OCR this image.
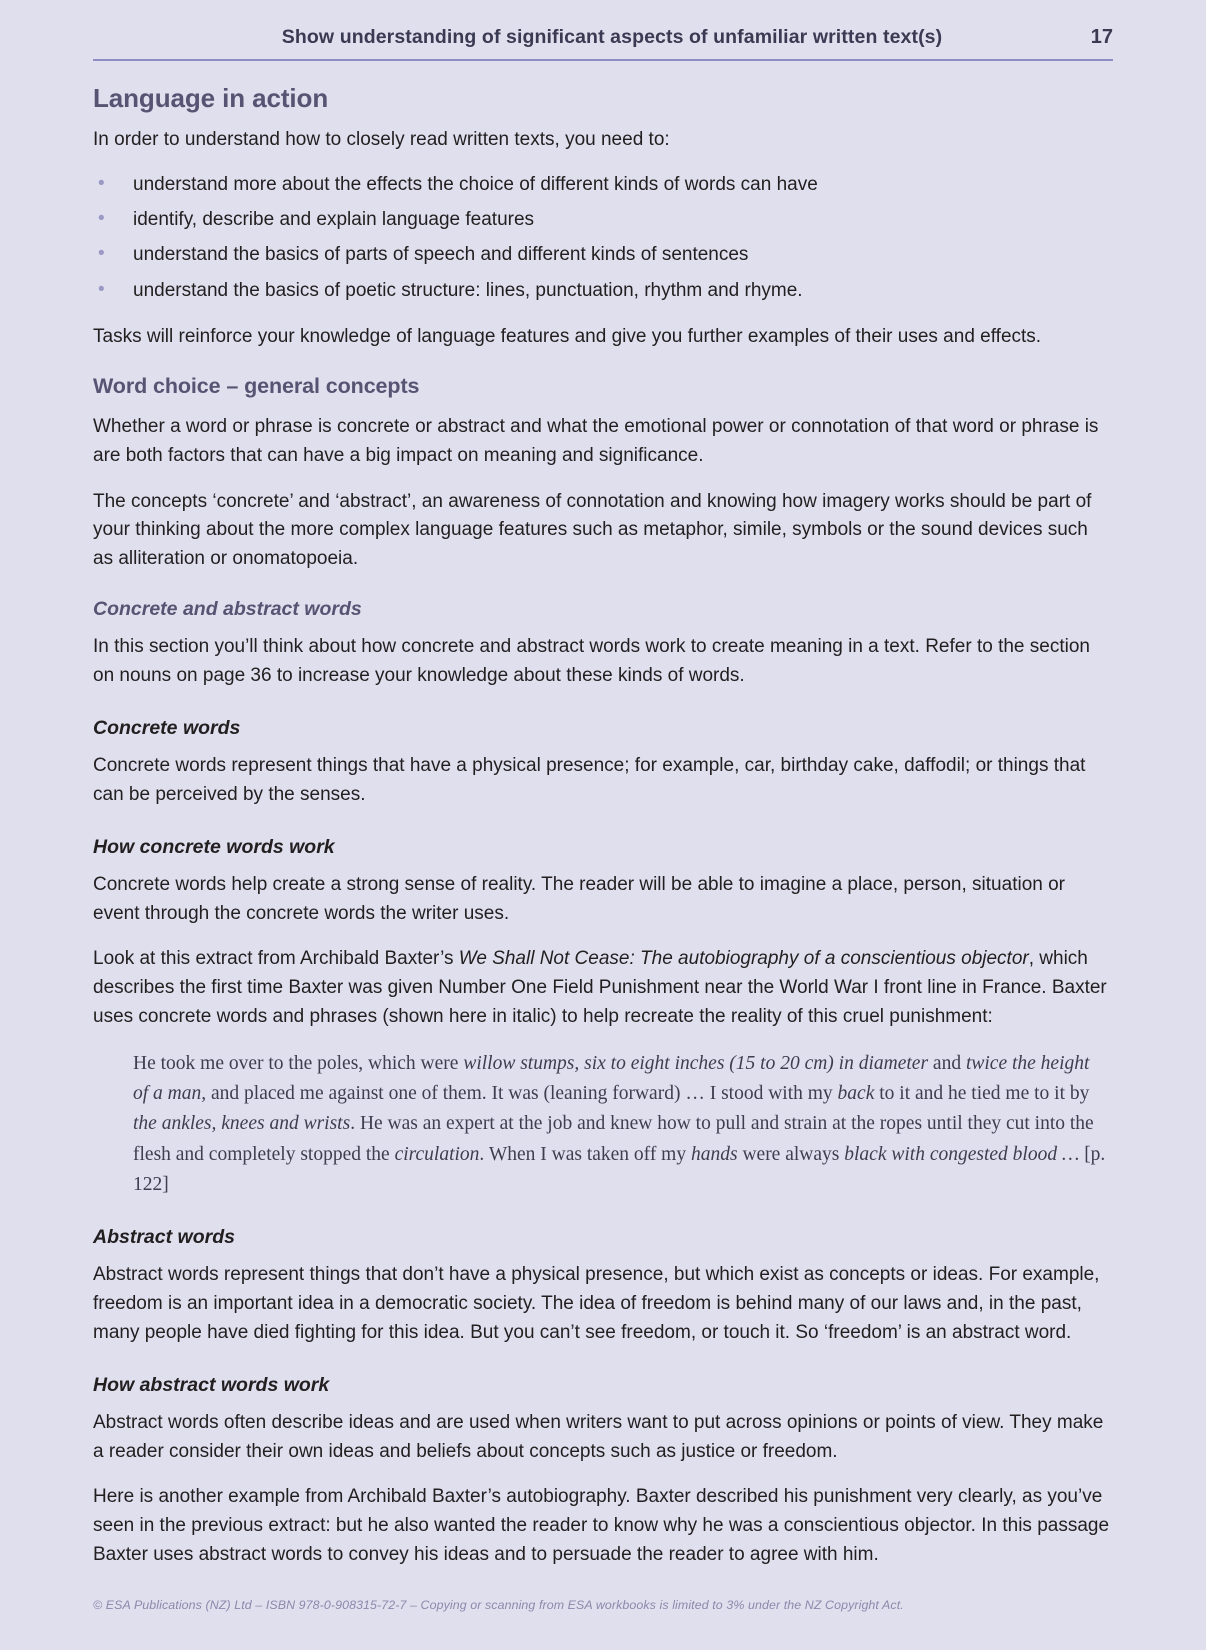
Show understanding of significant aspects of unfamiliar written text(s)	17
Language in action

In order to understand how to closely read written texts, you need to:

• understand more about the effects the choice of different kinds of words can have
• identify, describe and explain language features
• understand the basics of parts of speech and different kinds of sentences
• understand the basics of poetic structure: lines, punctuation, rhythm and rhyme.

Tasks will reinforce your knowledge of language features and give you further examples of their uses and effects.

Word choice – general concepts

Whether a word or phrase is concrete or abstract and what the emotional power or connotation of that word or phrase is are both factors that can have a big impact on meaning and significance.

The concepts ‘concrete’ and ‘abstract’, an awareness of connotation and knowing how imagery works should be part of your thinking about the more complex language features such as metaphor, simile, symbols or the sound devices such as alliteration or onomatopoeia.

Concrete and abstract words

In this section you’ll think about how concrete and abstract words work to create meaning in a text. Refer to the section on nouns on page 36 to increase your knowledge about these kinds of words.

Concrete words

Concrete words represent things that have a physical presence; for example, car, birthday cake, daffodil; or things that can be perceived by the senses.

How concrete words work

Concrete words help create a strong sense of reality. The reader will be able to imagine a place, person, situation or event through the concrete words the writer uses.

Look at this extract from Archibald Baxter’s We Shall Not Cease: The autobiography of a conscientious objector, which describes the first time Baxter was given Number One Field Punishment near the World War I front line in France. Baxter uses concrete words and phrases (shown here in italic) to help recreate the reality of this cruel punishment:

He took me over to the poles, which were willow stumps, six to eight inches (15 to 20 cm) in diameter and twice the height of a man, and placed me against one of them. It was (leaning forward) … I stood with my back to it and he tied me to it by the ankles, knees and wrists. He was an expert at the job and knew how to pull and strain at the ropes until they cut into the flesh and completely stopped the circulation. When I was taken off my hands were always black with congested blood … [p. 122]
Abstract words

Abstract words represent things that don’t have a physical presence, but which exist as concepts or ideas. For example, freedom is an important idea in a democratic society. The idea of freedom is behind many of our laws and, in the past, many people have died fighting for this idea. But you can’t see freedom, or touch it. So ‘freedom’ is an abstract word.

How abstract words work

Abstract words often describe ideas and are used when writers want to put across opinions or points of view. They make a reader consider their own ideas and beliefs about concepts such as justice or freedom.

Here is another example from Archibald Baxter’s autobiography. Baxter described his punishment very clearly, as you’ve seen in the previous extract: but he also wanted the reader to know why he was a conscientious objector. In this passage Baxter uses abstract words to convey his ideas and to persuade the reader to agree with him.

© ESA Publications (NZ) Ltd – ISBN 978-0-908315-72-7 – Copying or scanning from ESA workbooks is limited to 3% under the NZ Copyright Act.
